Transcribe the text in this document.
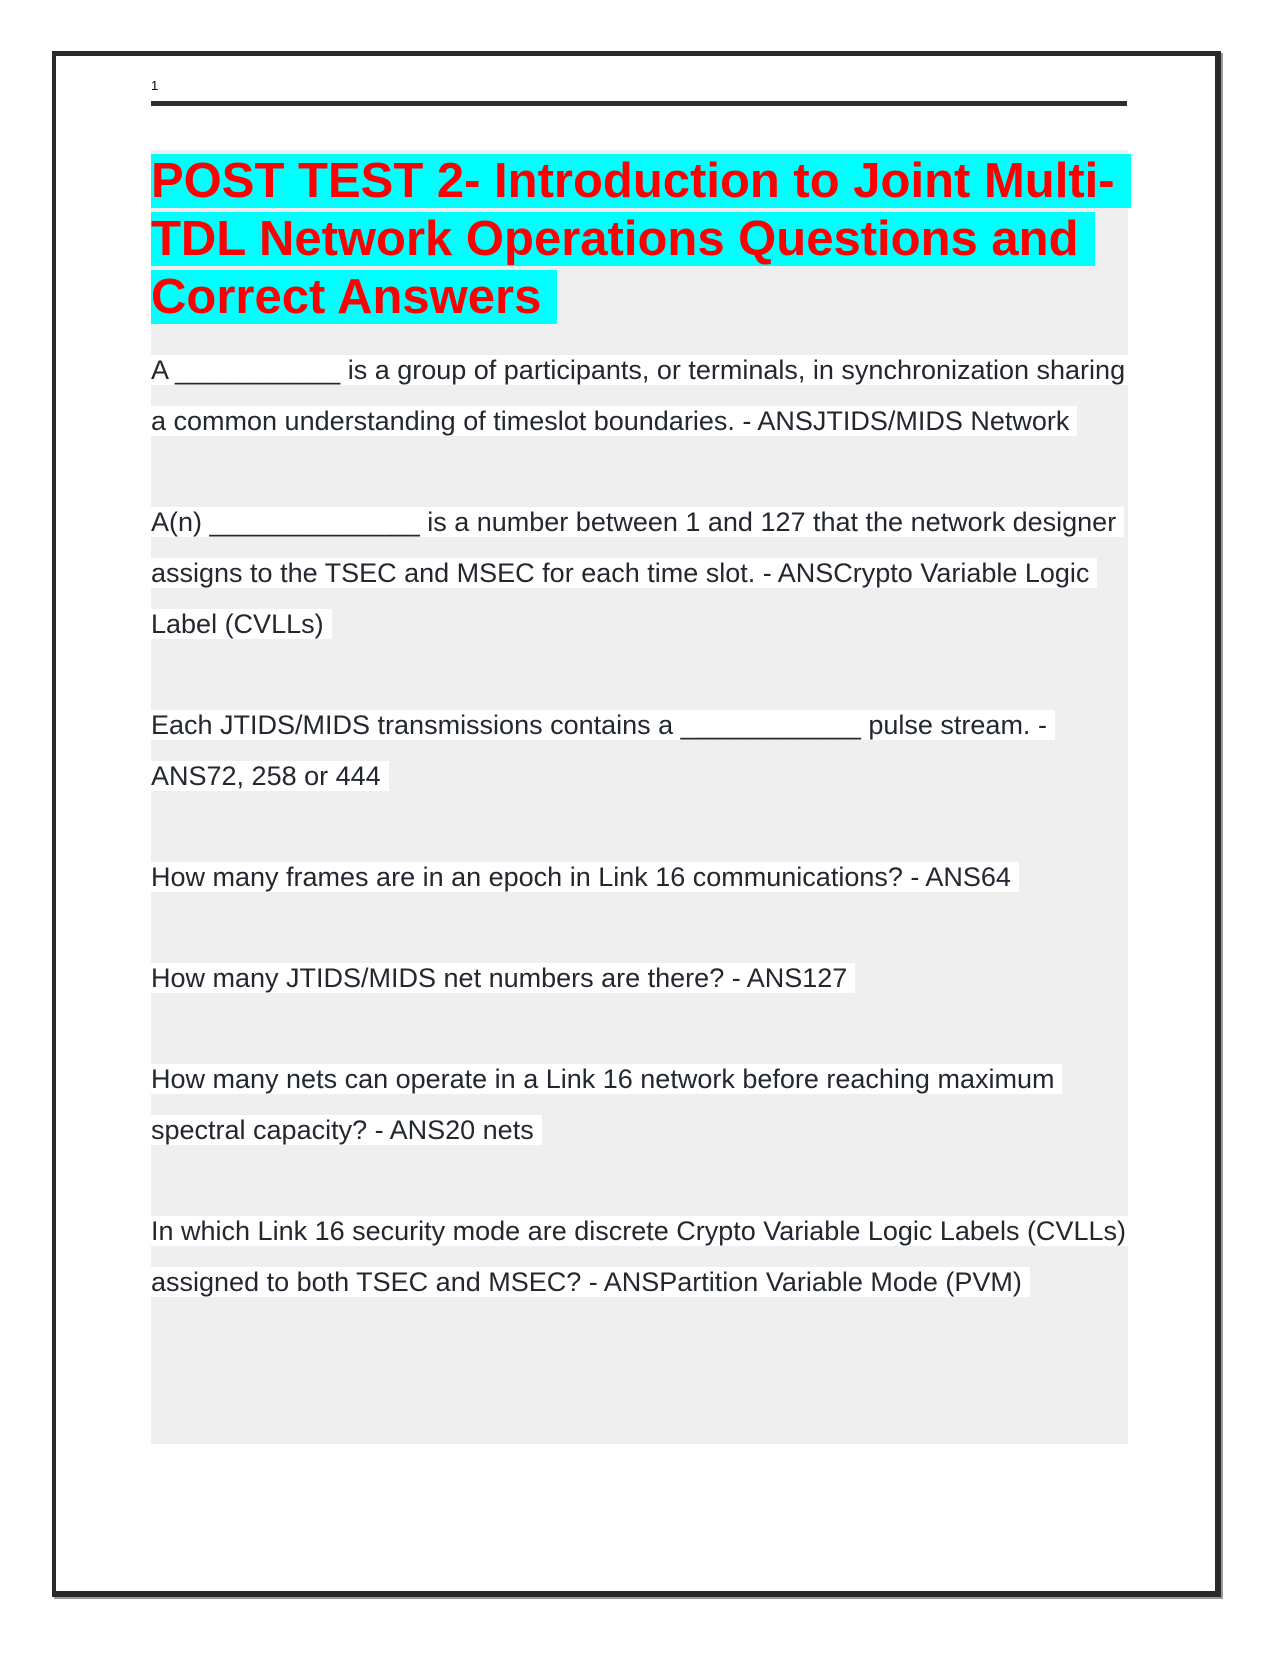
1
POST TEST 2- Introduction to Joint Multi-TDL Network Operations Questions and Correct Answers

A ___________ is a group of participants, or terminals, in synchronization sharing a common understanding of timeslot boundaries. - ANSJTIDS/MIDS Network

A(n) ______________ is a number between 1 and 127 that the network designer assigns to the TSEC and MSEC for each time slot. - ANSCrypto Variable Logic Label (CVLLs)

Each JTIDS/MIDS transmissions contains a ____________ pulse stream. - ANS72, 258 or 444

How many frames are in an epoch in Link 16 communications? - ANS64

How many JTIDS/MIDS net numbers are there? - ANS127

How many nets can operate in a Link 16 network before reaching maximum spectral capacity? - ANS20 nets

In which Link 16 security mode are discrete Crypto Variable Logic Labels (CVLLs) assigned to both TSEC and MSEC? - ANSPartition Variable Mode (PVM)
